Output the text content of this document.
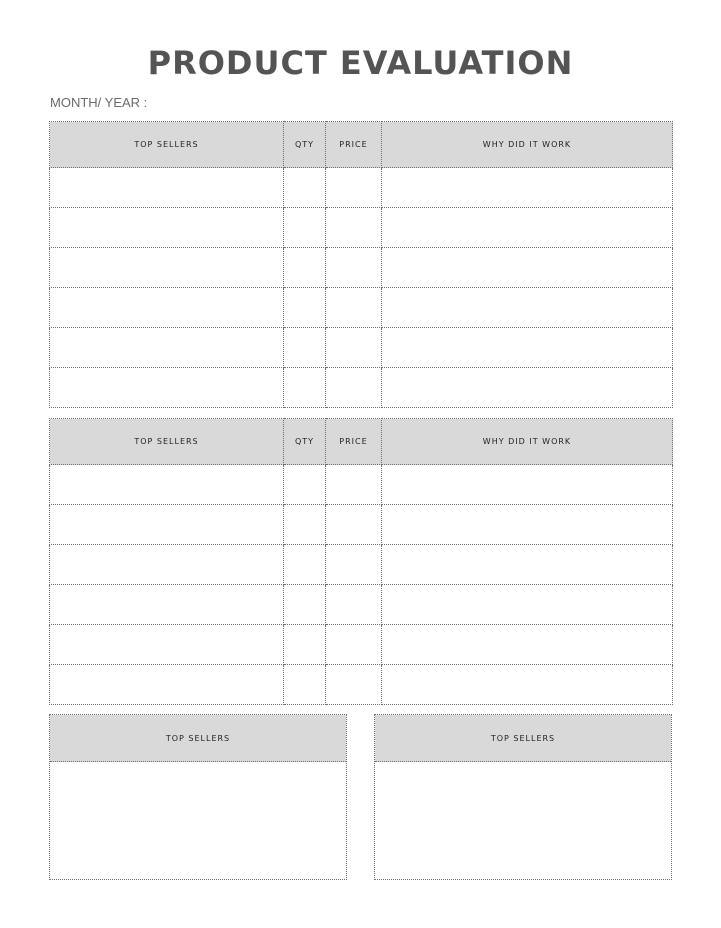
PRODUCT EVALUATION
MONTH/ YEAR :
TOP SELLERS	QTY	PRICE	WHY DID IT WORK

TOP SELLERS	QTY	PRICE	WHY DID IT WORK

TOP SELLERS	TOP SELLERS
